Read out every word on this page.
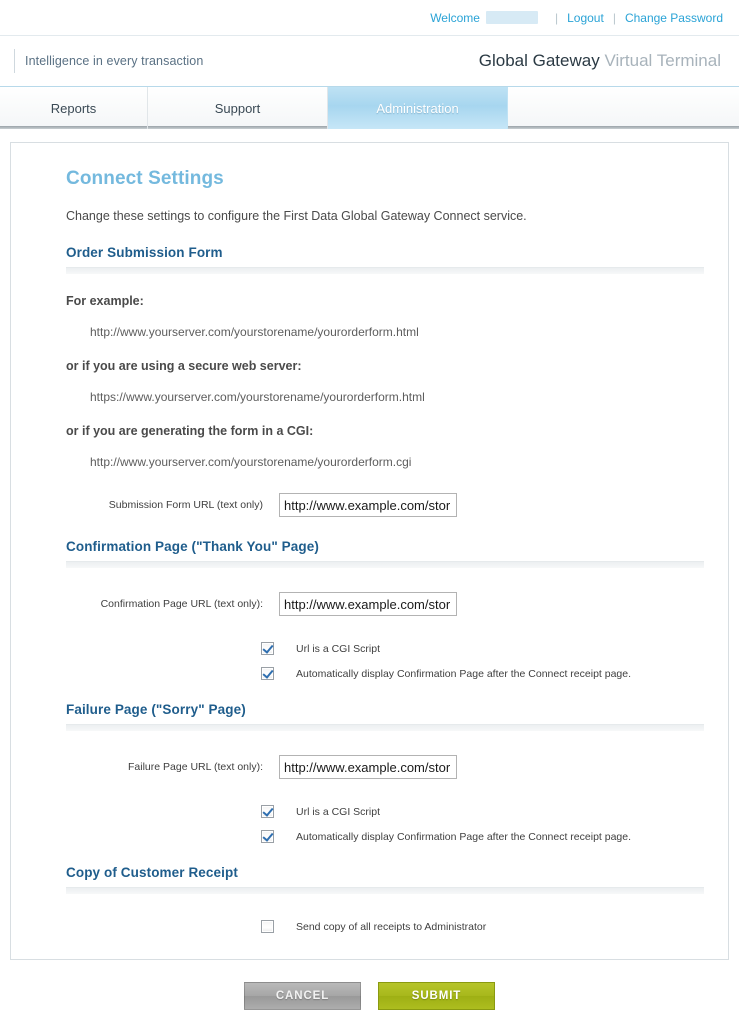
Welcome	| Logout | Change Password
Intelligence in every transaction	Global Gateway Virtual Terminal
Reports	Support	Administration
Connect Settings
Change these settings to configure the First Data Global Gateway Connect service.
Order Submission Form
For example:
http://www.yourserver.com/yourstorename/yourorderform.html
or if you are using a secure web server:
https://www.yourserver.com/yourstorename/yourorderform.html
or if you are generating the form in a CGI:
http://www.yourserver.com/yourstorename/yourorderform.cgi
Submission Form URL (text only)
http://www.example.com/stor
Confirmation Page ("Thank You" Page)
Confirmation Page URL (text only):
http://www.example.com/stor
Url is a CGI Script
Automatically display Confirmation Page after the Connect receipt page.
Failure Page ("Sorry" Page)
Failure Page URL (text only):
http://www.example.com/stor
Url is a CGI Script
Automatically display Confirmation Page after the Connect receipt page.
Copy of Customer Receipt
Send copy of all receipts to Administrator
CANCEL	SUBMIT
